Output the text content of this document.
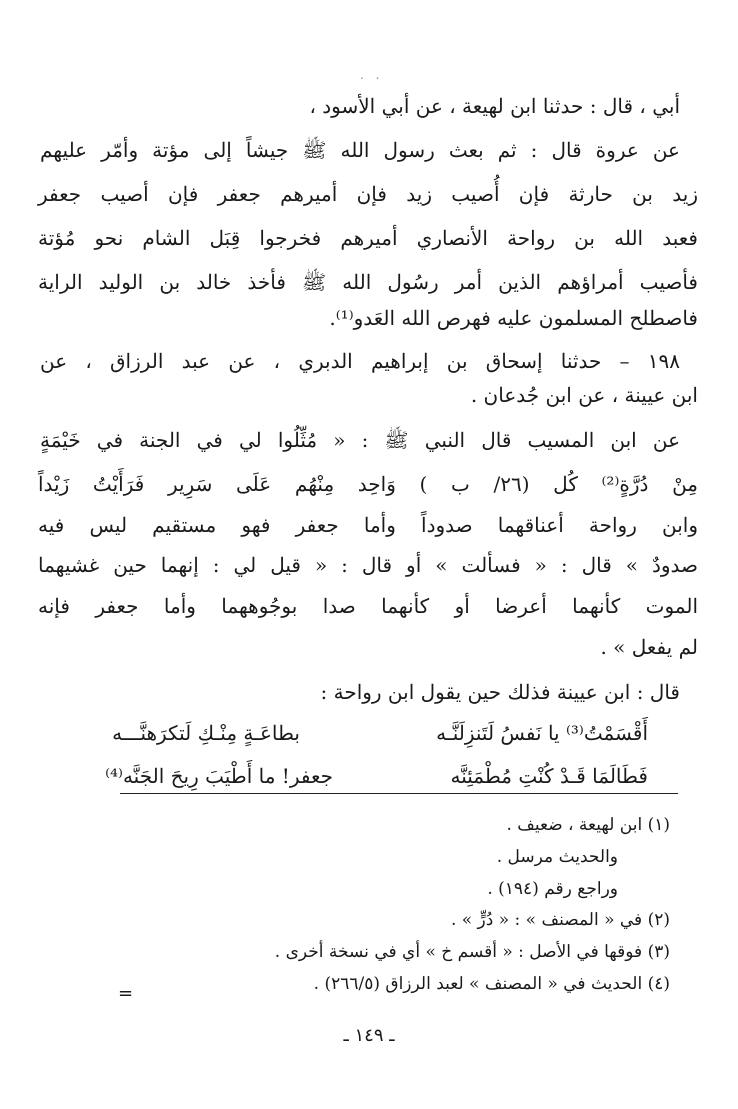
. .
أبي ، قال : حدثنا ابن لهيعة ، عن أبي الأسود ،
عن عروة قال : ثم بعث رسول الله ﷺ جيشاً إلى مؤتة وأمّر عليهم
زيد بن حارثة فإن أُصيب زيد فإن أميرهم جعفر فإن أصيب جعفر
فعبد الله بن رواحة الأنصاري أميرهم فخرجوا قِبَل الشام نحو مُؤتة
فأصيب أمراؤهم الذين أمر رسُول الله ﷺ فأخذ خالد بن الوليد الراية
فاصطلح المسلمون عليه فهرص الله العَدو⁽¹⁾.
١٩٨ – حدثنا إسحاق بن إبراهيم الدبري ، عن عبد الرزاق ، عن
ابن عيينة ، عن ابن جُدعان .
عن ابن المسيب قال النبي ﷺ : « مُثِّلُوا لي في الجنة في خَيْمَةٍ
مِنْ دُرَّةٍ⁽²⁾ كُل (٢٦/ ب ) وَاحِد مِنْهُم عَلَى سَرِير فَرَأَيْتُ زَيْداً
وابن رواحة أعناقهما صدوداً وأما جعفر فهو مستقيم ليس فيه
صدودٌ » قال : « فسألت » أو قال : « قيل لي : إنهما حين غشيهما
الموت كأنهما أعرضا أو كأنهما صدا بوجُوههما وأما جعفر فإنه
لم يفعل » .
قال : ابن عيينة فذلك حين يقول ابن رواحة :
أَقْسَمْتُ⁽³⁾ يا نَفسُ لَتَنزِلَنَّـه
بطاعَـةٍ مِنْـكِ لَتكرَهنَّـــه
فَطَالَمَا قَـدْ كُنْتِ مُطْمَئِنَّه
جعفر! ما أَطْيَبَ رِيحَ الجَنَّه⁽⁴⁾
(١) ابن لهيعة ، ضعيف .
والحديث مرسل .
وراجع رقم (١٩٤) .
(٢) في « المصنف » : « دُرٍّ » .
(٣) فوقها في الأصل : « أقسم خ » أي في نسخة أخرى .
(٤) الحديث في « المصنف » لعبد الرزاق (٢٦٦/٥) .
=
ـ ١٤٩ ـ
